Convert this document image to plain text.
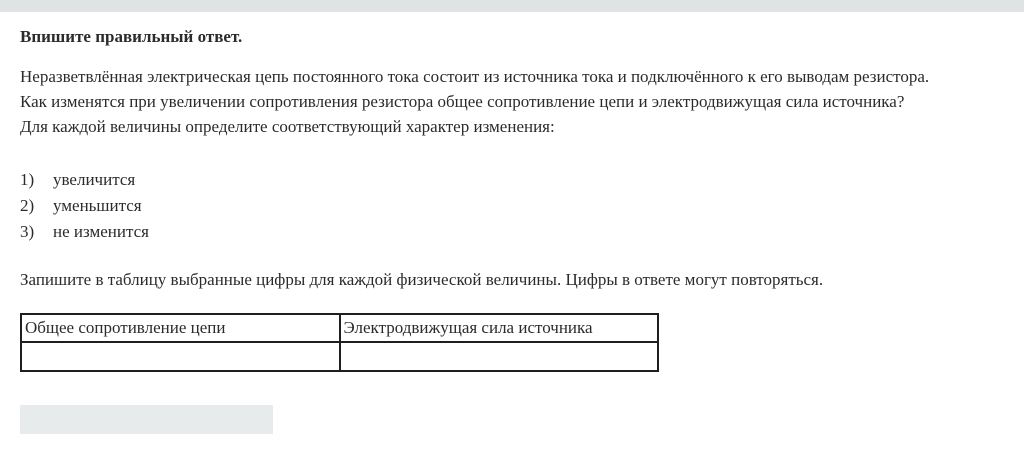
Впишите правильный ответ.
Неразветвлённая электрическая цепь постоянного тока состоит из источника тока и подключённого к его выводам резистора.
Как изменятся при увеличении сопротивления резистора общее сопротивление цепи и электродвижущая сила источника?
Для каждой величины определите соответствующий характер изменения:
1)	увеличится
2)	уменьшится
3)	не изменится
Запишите в таблицу выбранные цифры для каждой физической величины. Цифры в ответе могут повторяться.
Общее сопротивление цепи	Электродвижущая сила источника
